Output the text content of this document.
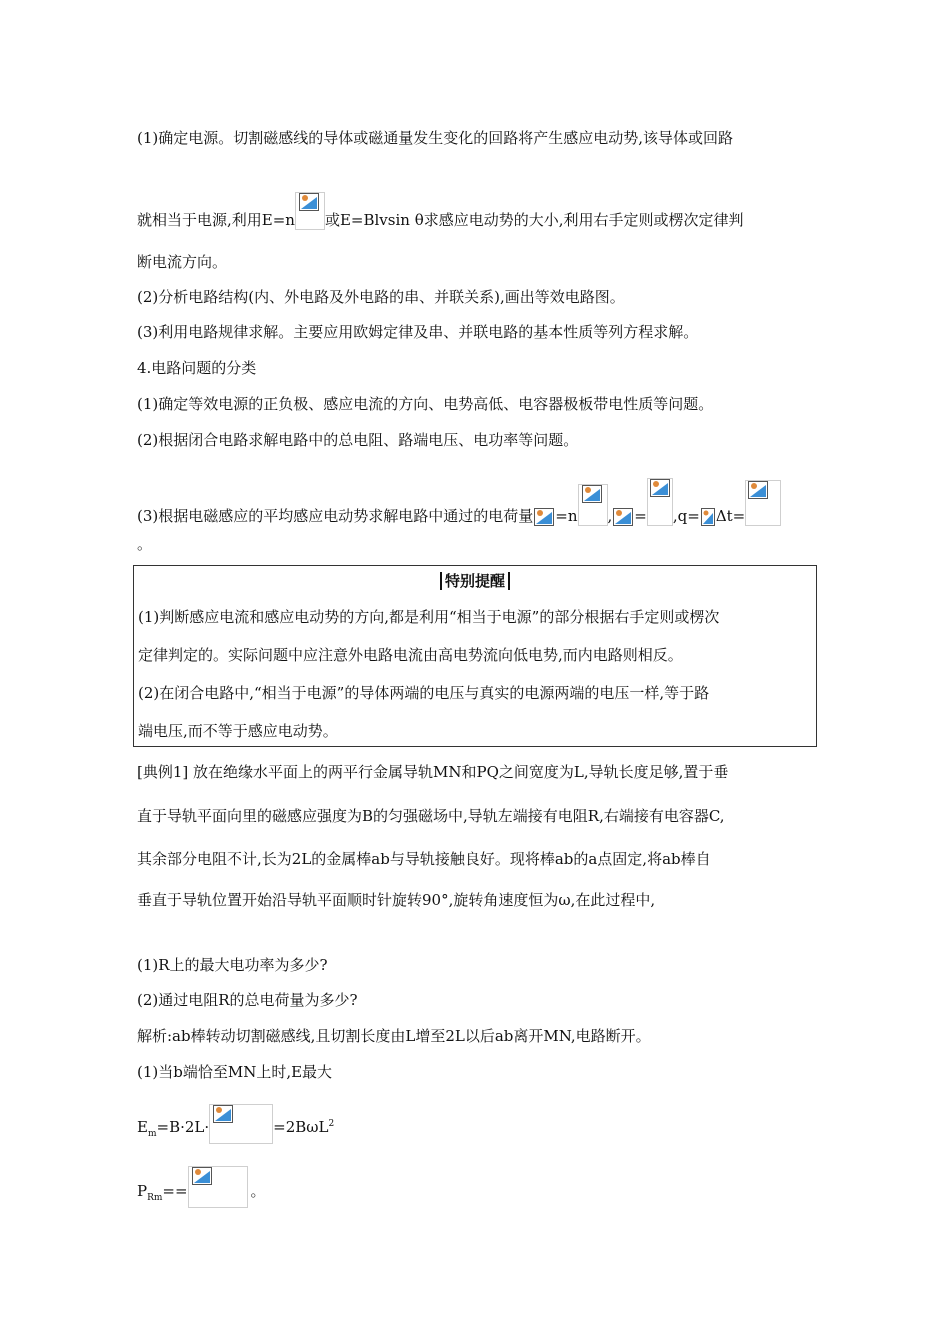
(1)确定电源。切割磁感线的导体或磁通量发生变化的回路将产生感应电动势,该导体或回路
就相当于电源,利用E=n 或E=Blvsin θ求感应电动势的大小,利用右手定则或楞次定律判
断电流方向。
(2)分析电路结构(内、外电路及外电路的串、并联关系),画出等效电路图。
(3)利用电路规律求解。主要应用欧姆定律及串、并联电路的基本性质等列方程求解。
4.电路问题的分类
(1)确定等效电源的正负极、感应电流的方向、电势高低、电容器极板带电性质等问题。
(2)根据闭合电路求解电路中的总电阻、路端电压、电功率等问题。
(3)根据电磁感应的平均感应电动势求解电路中通过的电荷量 =n , = ,q= Δt=
。
特别提醒
(1)判断感应电流和感应电动势的方向,都是利用“相当于电源”的部分根据右手定则或楞次
定律判定的。实际问题中应注意外电路电流由高电势流向低电势,而内电路则相反。
(2)在闭合电路中,“相当于电源”的导体两端的电压与真实的电源两端的电压一样,等于路
端电压,而不等于感应电动势。
[典例1] 放在绝缘水平面上的两平行金属导轨MN和PQ之间宽度为L,导轨长度足够,置于垂
直于导轨平面向里的磁感应强度为B的匀强磁场中,导轨左端接有电阻R,右端接有电容器C,
其余部分电阻不计,长为2L的金属棒ab与导轨接触良好。现将棒ab的a点固定,将ab棒自
垂直于导轨位置开始沿导轨平面顺时针旋转90°,旋转角速度恒为ω,在此过程中,
(1)R上的最大电功率为多少?
(2)通过电阻R的总电荷量为多少?
解析:ab棒转动切割磁感线,且切割长度由L增至2L以后ab离开MN,电路断开。
(1)当b端恰至MN上时,E最大
$E_m=B\cdot 2L\cdot$	=2BωL$^2$
$P_{Rm}==$	。
